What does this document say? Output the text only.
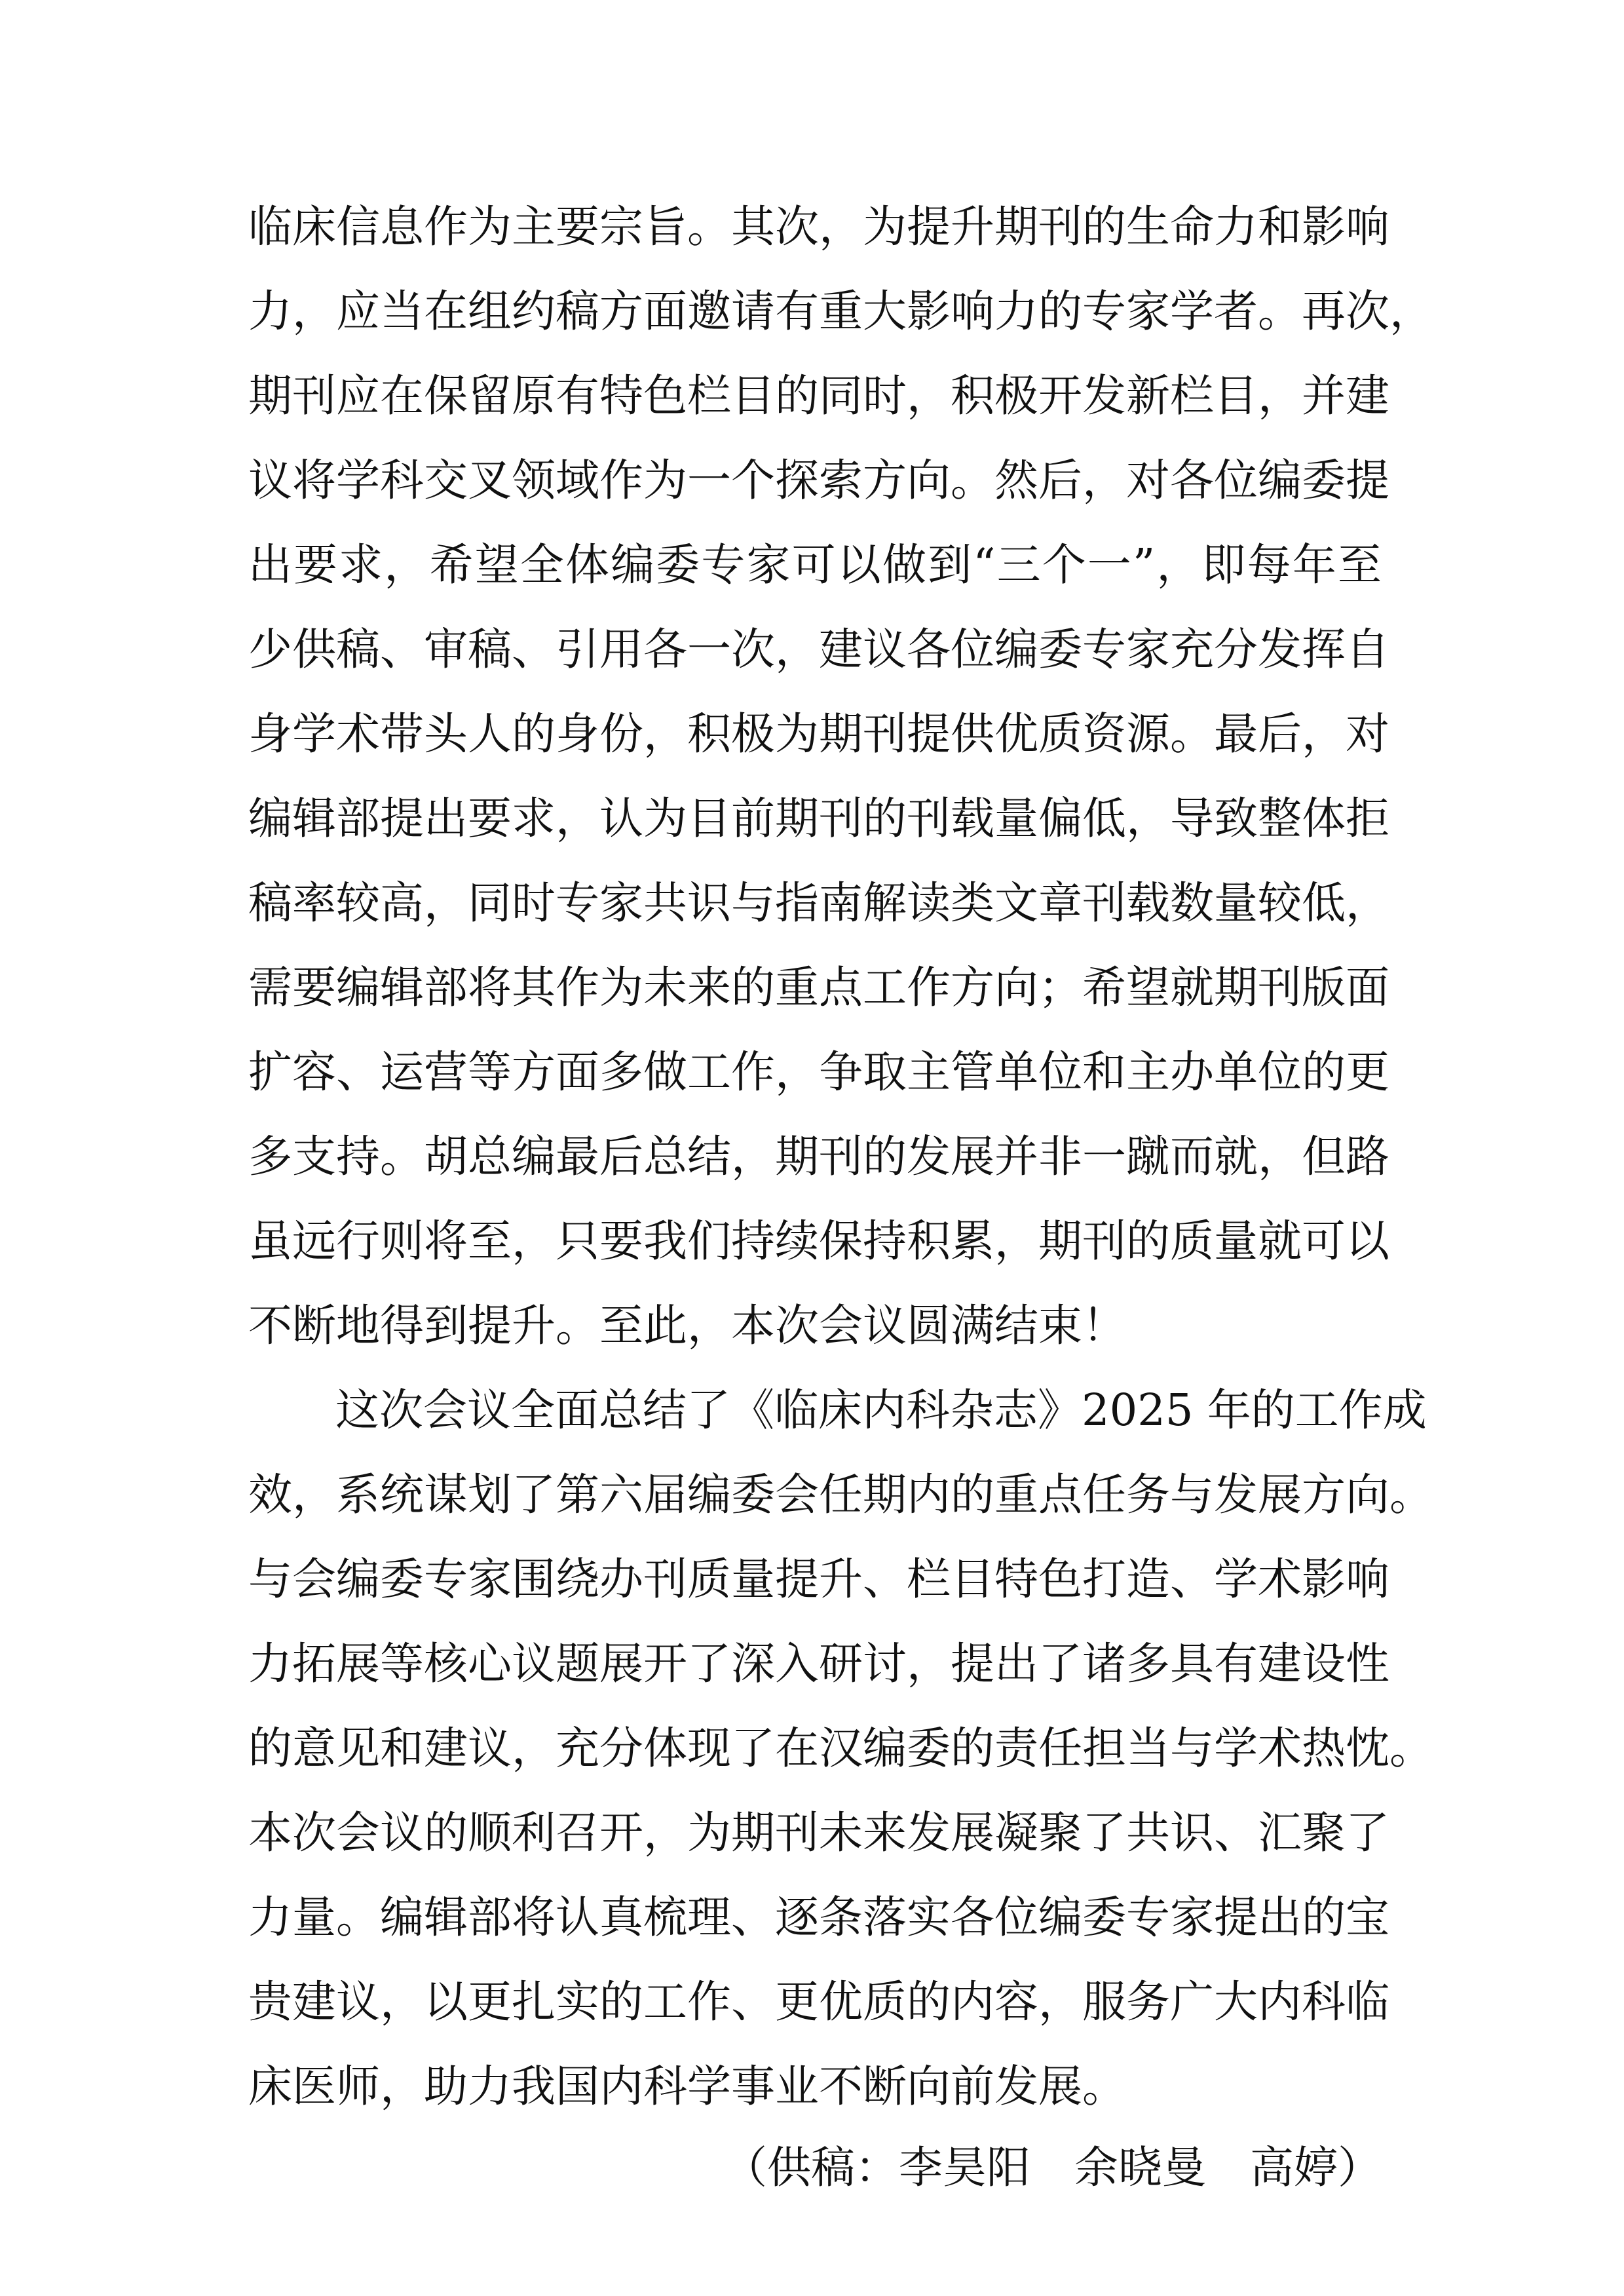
临床信息作为主要宗旨。其次，为提升期刊的生命力和影响
力，应当在组约稿方面邀请有重大影响力的专家学者。再次，
期刊应在保留原有特色栏目的同时，积极开发新栏目，并建
议将学科交叉领域作为一个探索方向。然后，对各位编委提
出要求，希望全体编委专家可以做到“三个一”，即每年至
少供稿、审稿、引用各一次，建议各位编委专家充分发挥自
身学术带头人的身份，积极为期刊提供优质资源。最后，对
编辑部提出要求，认为目前期刊的刊载量偏低，导致整体拒
稿率较高，同时专家共识与指南解读类文章刊载数量较低，
需要编辑部将其作为未来的重点工作方向；希望就期刊版面
扩容、运营等方面多做工作，争取主管单位和主办单位的更
多支持。胡总编最后总结，期刊的发展并非一蹴而就，但路
虽远行则将至，只要我们持续保持积累，期刊的质量就可以
不断地得到提升。至此，本次会议圆满结束！
这次会议全面总结了《临床内科杂志》2025 年的工作成
效，系统谋划了第六届编委会任期内的重点任务与发展方向。
与会编委专家围绕办刊质量提升、栏目特色打造、学术影响
力拓展等核心议题展开了深入研讨，提出了诸多具有建设性
的意见和建议，充分体现了在汉编委的责任担当与学术热忱。
本次会议的顺利召开，为期刊未来发展凝聚了共识、汇聚了
力量。编辑部将认真梳理、逐条落实各位编委专家提出的宝
贵建议，以更扎实的工作、更优质的内容，服务广大内科临
床医师，助力我国内科学事业不断向前发展。
（供稿：李昊阳　余晓曼　高婷）
